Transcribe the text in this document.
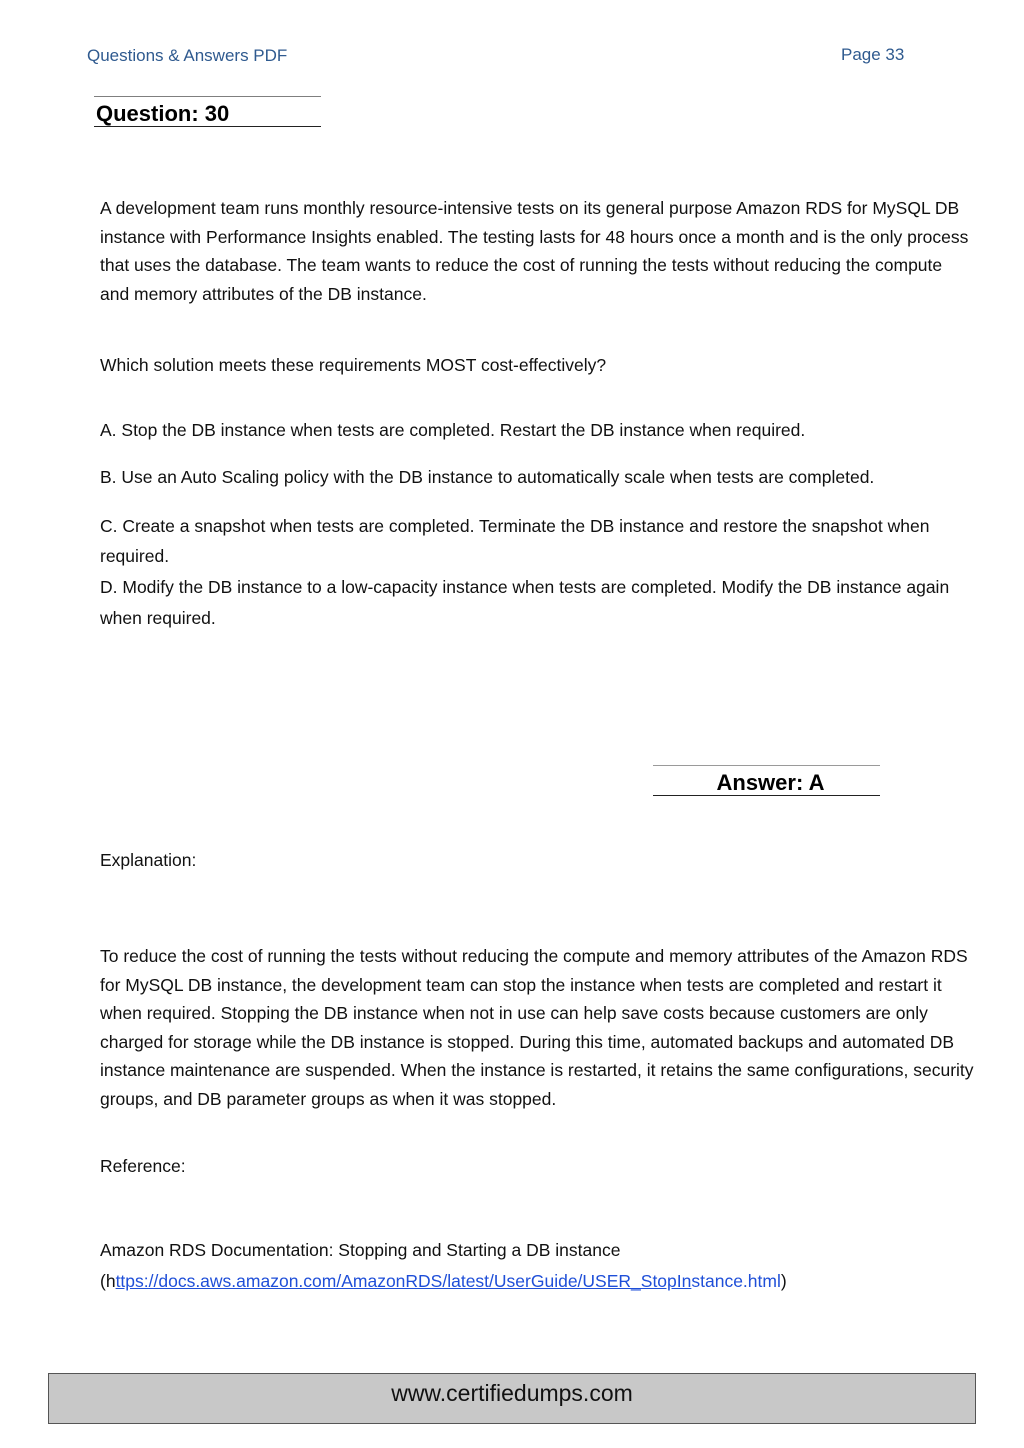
Questions & Answers PDF	Page 33
Question: 30
A development team runs monthly resource-intensive tests on its general purpose Amazon RDS for MySQL DB instance with Performance Insights enabled. The testing lasts for 48 hours once a month and is the only process that uses the database. The team wants to reduce the cost of running the tests without reducing the compute and memory attributes of the DB instance.
Which solution meets these requirements MOST cost-effectively?
A. Stop the DB instance when tests are completed. Restart the DB instance when required.
B. Use an Auto Scaling policy with the DB instance to automatically scale when tests are completed.
C. Create a snapshot when tests are completed. Terminate the DB instance and restore the snapshot when required.
D. Modify the DB instance to a low-capacity instance when tests are completed. Modify the DB instance again when required.
Answer: A
Explanation:
To reduce the cost of running the tests without reducing the compute and memory attributes of the Amazon RDS for MySQL DB instance, the development team can stop the instance when tests are completed and restart it when required. Stopping the DB instance when not in use can help save costs because customers are only charged for storage while the DB instance is stopped. During this time, automated backups and automated DB instance maintenance are suspended. When the instance is restarted, it retains the same configurations, security groups, and DB parameter groups as when it was stopped.
Reference:
Amazon RDS Documentation: Stopping and Starting a DB instance
(https://docs.aws.amazon.com/AmazonRDS/latest/UserGuide/USER_StopInstance.html)
www.certifiedumps.com
